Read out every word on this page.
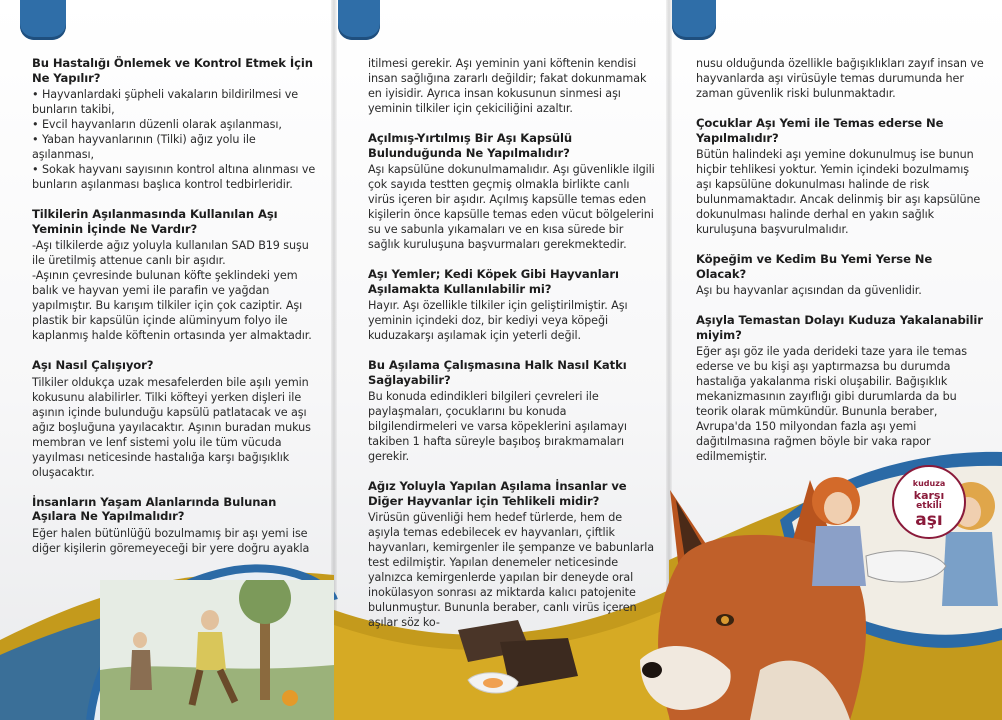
kuduza
karşı
etkili
aşı
Bu Hastalığı Önlemek ve Kontrol Etmek İçin Ne Yapılır?

• Hayvanlardaki şüpheli vakaların bildirilmesi ve bunların takibi,

• Evcil hayvanların düzenli olarak aşılanması,

• Yaban hayvanlarının (Tilki) ağız yolu ile aşılanması,

• Sokak hayvanı sayısının kontrol altına alınması ve bunların aşılanması başlıca kontrol tedbirleridir.

Tilkilerin Aşılanmasında Kullanılan Aşı Yeminin İçinde Ne Vardır?

-Aşı tilkilerde ağız yoluyla kullanılan SAD B19 suşu ile üretilmiş attenue canlı bir aşıdır.

-Aşının çevresinde bulunan köfte şeklindeki yem balık ve hayvan yemi ile parafin ve yağdan yapılmıştır. Bu karışım tilkiler için çok caziptir. Aşı plastik bir kapsülün içinde alüminyum folyo ile kaplanmış halde köftenin ortasında yer almaktadır.

Aşı Nasıl Çalışıyor?

Tilkiler oldukça uzak mesafelerden bile aşılı yemin kokusunu alabilirler. Tilki köfteyi yerken dişleri ile aşının içinde bulunduğu kapsülü patlatacak ve aşı ağız boşluğuna yayılacaktır. Aşının buradan mukus membran ve lenf sistemi yolu ile tüm vücuda yayılması neticesinde hastalığa karşı bağışıklık oluşacaktır.

İnsanların Yaşam Alanlarında Bulunan Aşılara Ne Yapılmalıdır?

Eğer halen bütünlüğü bozulmamış bir aşı yemi ise diğer kişilerin göremeyeceği bir yere doğru ayakla

itilmesi gerekir. Aşı yeminin yani köftenin kendisi insan sağlığına zararlı değildir; fakat dokunmamak en iyisidir. Ayrıca insan kokusunun sinmesi aşı yeminin tilkiler için çekiciliğini azaltır.

Açılmış-Yırtılmış Bir Aşı Kapsülü Bulunduğunda Ne Yapılmalıdır?

Aşı kapsülüne dokunulmamalıdır. Aşı güvenlikle ilgili çok sayıda testten geçmiş olmakla birlikte canlı virüs içeren bir aşıdır. Açılmış kapsülle temas eden kişilerin önce kapsülle temas eden vücut bölgelerini su ve sabunla yıkamaları ve en kısa sürede bir sağlık kuruluşuna başvurmaları gerekmektedir.

Aşı Yemler; Kedi Köpek Gibi Hayvanları Aşılamakta Kullanılabilir mi?

Hayır. Aşı özellikle tilkiler için geliştirilmiştir. Aşı yeminin içindeki doz, bir kediyi veya köpeği kuduzakarşı aşılamak için yeterli değil.

Bu Aşılama Çalışmasına Halk Nasıl Katkı Sağlayabilir?

Bu konuda edindikleri bilgileri çevreleri ile paylaşmaları, çocuklarını bu konuda bilgilendirmeleri ve varsa köpeklerini aşılamayı takiben 1 hafta süreyle başıboş bırakmamaları gerekir.

Ağız Yoluyla Yapılan Aşılama İnsanlar ve Diğer Hayvanlar için Tehlikeli midir?

Virüsün güvenliği hem hedef türlerde, hem de aşıyla temas edebilecek ev hayvanları, çiftlik hayvanları, kemirgenler ile şempanze ve babunlarla test edilmiştir. Yapılan denemeler neticesinde yalnızca kemirgenlerde yapılan bir deneyde oral inokülasyon sonrası az miktarda kalıcı patojenite bulunmuştur. Bununla beraber, canlı virüs içeren aşılar söz ko-

nusu olduğunda özellikle bağışıklıkları zayıf insan ve hayvanlarda aşı virüsüyle temas durumunda her zaman güvenlik riski bulunmaktadır.

Çocuklar Aşı Yemi ile Temas ederse Ne Yapılmalıdır?

Bütün halindeki aşı yemine dokunulmuş ise bunun hiçbir tehlikesi yoktur. Yemin içindeki bozulmamış aşı kapsülüne dokunulması halinde de risk bulunmamaktadır. Ancak delinmiş bir aşı kapsülüne dokunulması halinde derhal en yakın sağlık kuruluşuna başvurulmalıdır.

Köpeğim ve Kedim Bu Yemi Yerse Ne Olacak?

Aşı bu hayvanlar açısından da güvenlidir.

Aşıyla Temastan Dolayı Kuduza Yakalanabilir miyim?

Eğer aşı göz ile yada derideki taze yara ile temas ederse ve bu kişi aşı yaptırmazsa bu durumda hastalığa yakalanma riski oluşabilir. Bağışıklık mekanizmasının zayıflığı gibi durumlarda da bu teorik olarak mümkündür. Bununla beraber, Avrupa'da 150 milyondan fazla aşı yemi dağıtılmasına rağmen böyle bir vaka rapor edilmemiştir.
